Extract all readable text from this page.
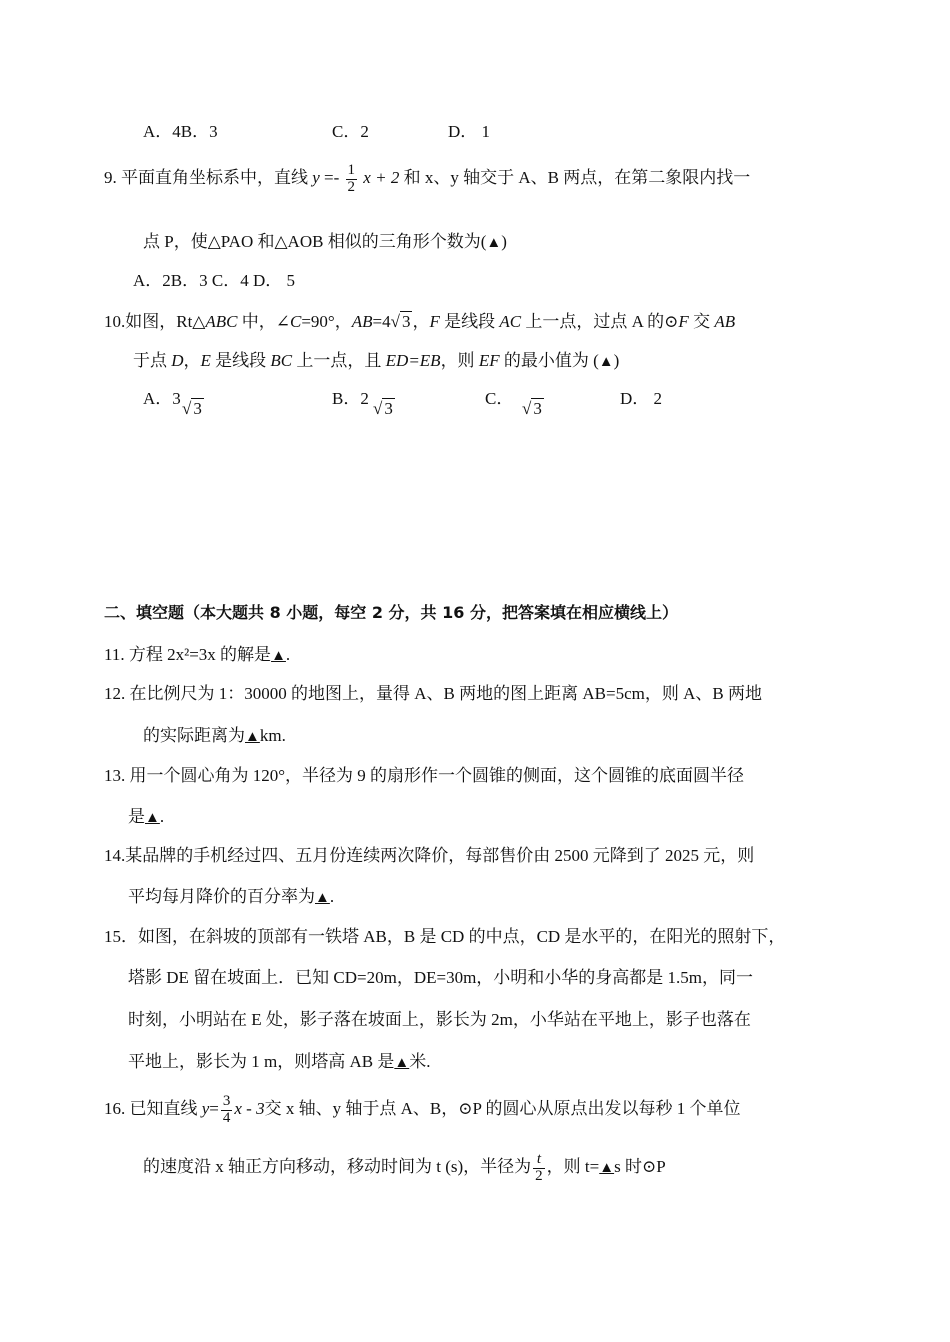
A．4B．3	C．2	D． 1
9. 平面直角坐标系中，直线 $y =- \frac{1}{2}$ x + 2 和 x、y 轴交于 A、B 两点，在第二象限内找一
点 P，使△PAO 和△AOB 相似的三角形个数为(▲)
A．2B．3 C．4 D． 5
10.如图，Rt△ABC 中，∠C=90°，AB=4√ 3 ，F 是线段 AC 上一点，过点 A 的⊙F 交 AB
于点 D，E 是线段 BC 上一点，且 ED=EB，则 EF 的最小值为 (▲)
A．3
√ 3
B．2
√ 3
C．
√ 3
D． 2
二、填空题（本大题共 8 小题，每空 2 分，共 16 分，把答案填在相应横线上）
11. 方程 2x²=3x 的解是▲.
12. 在比例尺为 1：30000 的地图上，量得 A、B 两地的图上距离 AB=5cm，则 A、B 两地
的实际距离为▲km.
13. 用一个圆心角为 120°，半径为 9 的扇形作一个圆锥的侧面，这个圆锥的底面圆半径
是▲.
14.某品牌的手机经过四、五月份连续两次降价，每部售价由 2500 元降到了 2025 元，则
平均每月降价的百分率为▲.
15．如图，在斜坡的顶部有一铁塔 AB，B 是 CD 的中点，CD 是水平的，在阳光的照射下，
塔影 DE 留在坡面上．已知 CD=20m，DE=30m，小明和小华的身高都是 1.5m，同一
时刻，小明站在 E 处，影子落在坡面上，影长为 2m，小华站在平地上，影子也落在
平地上，影长为 1 m，则塔高 AB 是▲米.
16. 已知直线 $y= \frac{3}{4}$ x - 3交 x 轴、y 轴于点 A、B，⊙P 的圆心从原点出发以每秒 1 个单位
的速度沿 x 轴正方向移动，移动时间为 t (s)，半径为 $\frac{t}{2}$ ，则 t=▲s 时⊙P
